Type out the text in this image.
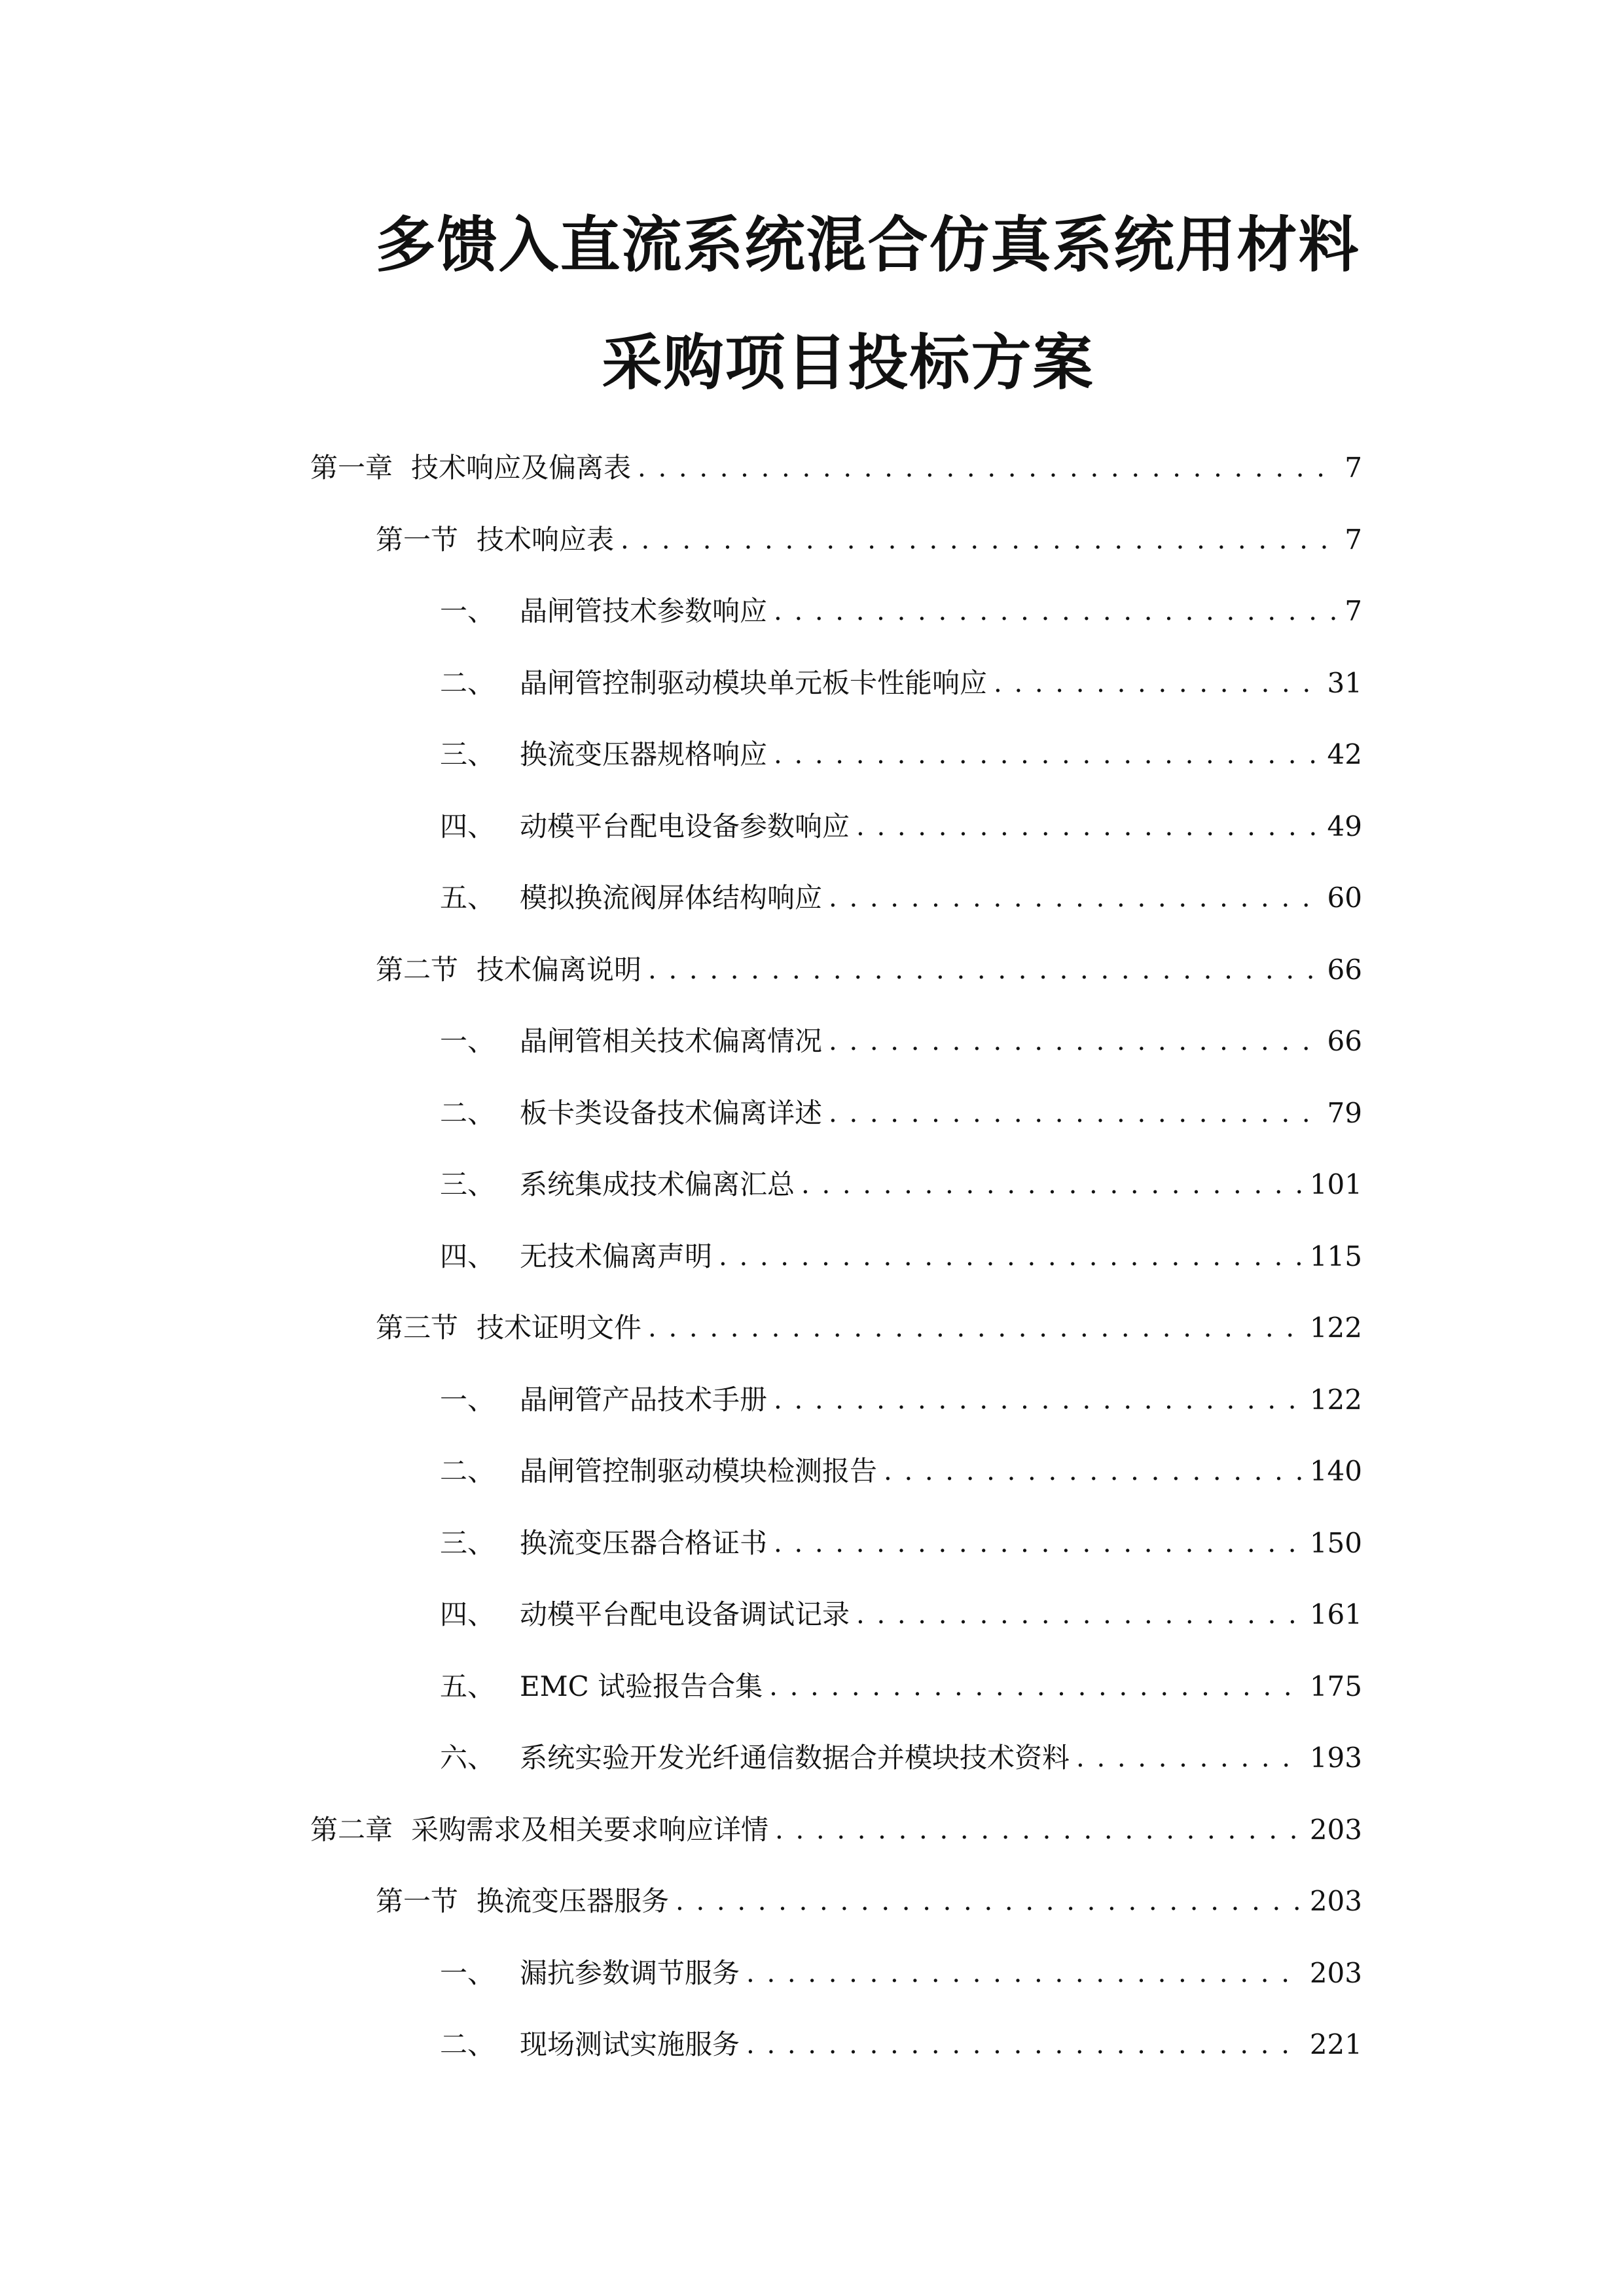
多馈入直流系统混合仿真系统用材料
采购项目投标方案
第一章 技术响应及偏离表 . . .	7
第一节 技术响应表 . . .	7
一、 晶闸管技术参数响应 . . .	7
二、 晶闸管控制驱动模块单元板卡性能响应 . . .	31
三、 换流变压器规格响应 . . .	42
四、 动模平台配电设备参数响应 . . .	49
五、 模拟换流阀屏体结构响应 . . .	60
第二节 技术偏离说明 . . .	66
一、 晶闸管相关技术偏离情况 . . .	66
二、 板卡类设备技术偏离详述 . . .	79
三、 系统集成技术偏离汇总 . . .	101
四、 无技术偏离声明 . . .	115
第三节 技术证明文件 . . .	122
一、 晶闸管产品技术手册 . . .	122
二、 晶闸管控制驱动模块检测报告 . . .	140
三、 换流变压器合格证书 . . .	150
四、 动模平台配电设备调试记录 . . .	161
五、 EMC 试验报告合集 . . .	175
六、 系统实验开发光纤通信数据合并模块技术资料 . . .	193
第二章 采购需求及相关要求响应详情 . . .	203
第一节 换流变压器服务 . . .	203
一、 漏抗参数调节服务 . . .	203
二、 现场测试实施服务 . . .	221
